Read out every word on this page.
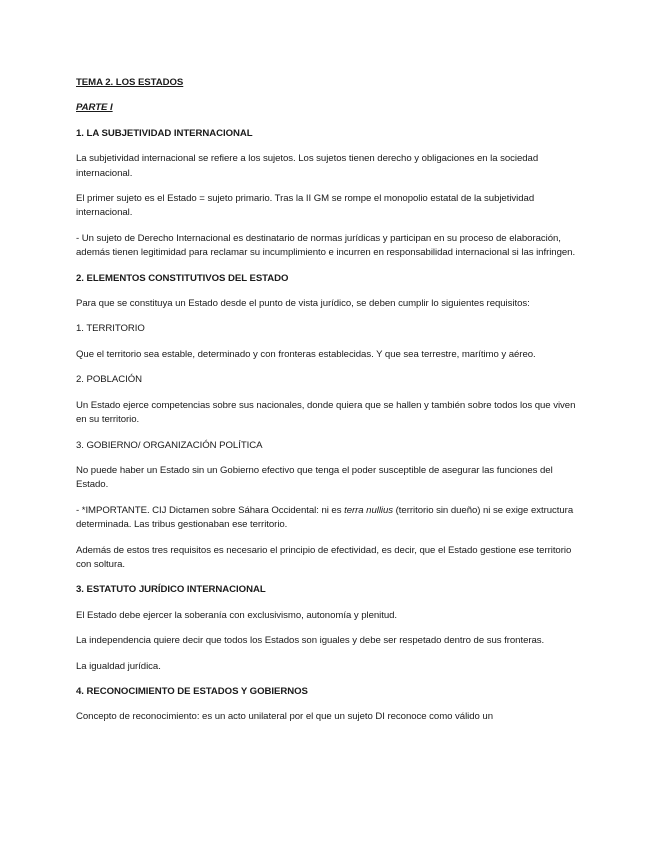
TEMA 2. LOS ESTADOS
PARTE I
1. LA SUBJETIVIDAD INTERNACIONAL

La subjetividad internacional se refiere a los sujetos. Los sujetos tienen derecho y obligaciones en la sociedad internacional.

El primer sujeto es el Estado = sujeto primario. Tras la II GM se rompe el monopolio estatal de la subjetividad internacional.

- Un sujeto de Derecho Internacional es destinatario de normas jurídicas y participan en su proceso de elaboración, además tienen legitimidad para reclamar su incumplimiento e incurren en responsabilidad internacional si las infringen.

2. ELEMENTOS CONSTITUTIVOS DEL ESTADO

Para que se constituya un Estado desde el punto de vista jurídico, se deben cumplir lo siguientes requisitos:

1. TERRITORIO

Que el territorio sea estable, determinado y con fronteras establecidas. Y que sea terrestre, marítimo y aéreo.

2. POBLACIÓN

Un Estado ejerce competencias sobre sus nacionales, donde quiera que se hallen y también sobre todos los que viven en su territorio.

3. GOBIERNO/ ORGANIZACIÓN POLÍTICA

No puede haber un Estado sin un Gobierno efectivo que tenga el poder susceptible de asegurar las funciones del Estado.

- *IMPORTANTE. CIJ Dictamen sobre Sáhara Occidental: ni es terra nullius (territorio sin dueño) ni se exige extructura determinada. Las tribus gestionaban ese territorio.

Además de estos tres requisitos es necesario el principio de efectividad, es decir, que el Estado gestione ese territorio con soltura.

3. ESTATUTO JURÍDICO INTERNACIONAL

El Estado debe ejercer la soberanía con exclusivismo, autonomía y plenitud.

La independencia quiere decir que todos los Estados son iguales y debe ser respetado dentro de sus fronteras.

La igualdad jurídica.

4. RECONOCIMIENTO DE ESTADOS Y GOBIERNOS

Concepto de reconocimiento: es un acto unilateral por el que un sujeto DI reconoce como válido un
